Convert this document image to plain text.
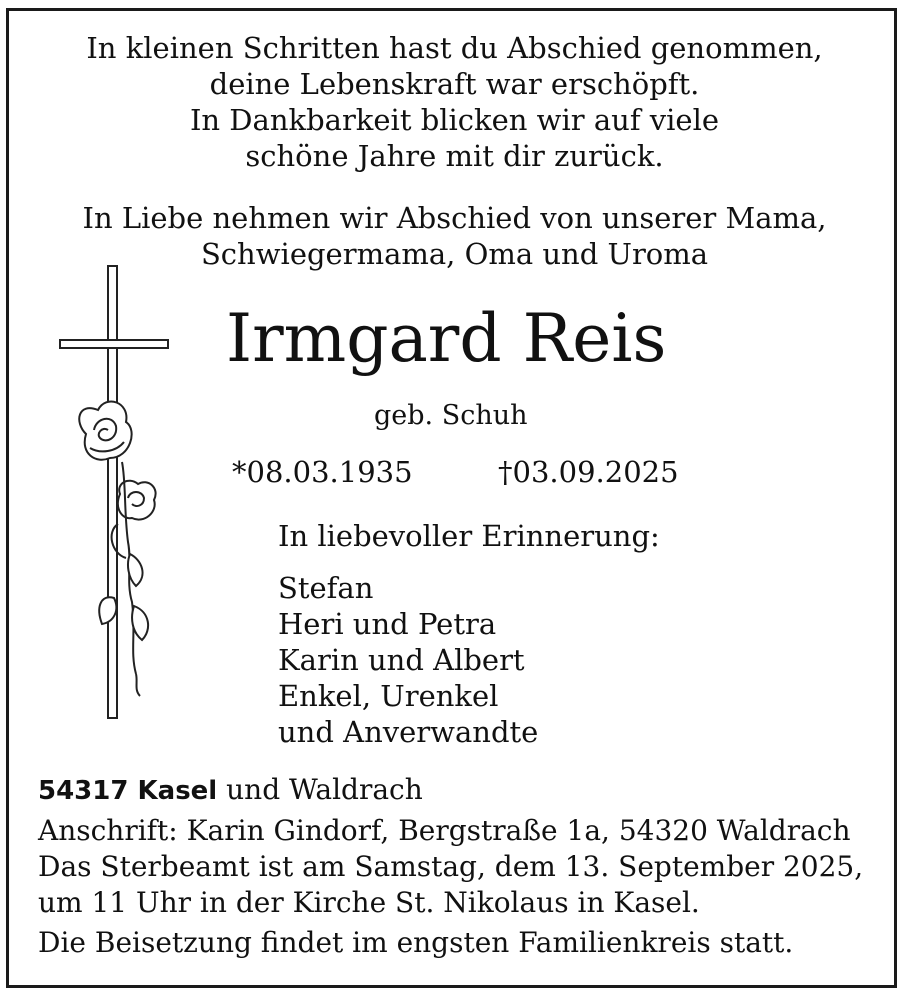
In kleinen Schritten hast du Abschied genommen,
deine Lebenskraft war erschöpft.
In Dankbarkeit blicken wir auf viele
schöne Jahre mit dir zurück.
In Liebe nehmen wir Abschied von unserer Mama,
Schwiegermama, Oma und Uroma
Irmgard Reis
geb. Schuh
*08.03.1935	†03.09.2025
In liebevoller Erinnerung:
Stefan
Heri und Petra
Karin und Albert
Enkel, Urenkel
und Anverwandte
54317 Kasel und Waldrach
Anschrift: Karin Gindorf, Bergstraße 1a, 54320 Waldrach
Das Sterbeamt ist am Samstag, dem 13. September 2025,
um 11 Uhr in der Kirche St. Nikolaus in Kasel.
Die Beisetzung findet im engsten Familienkreis statt.
